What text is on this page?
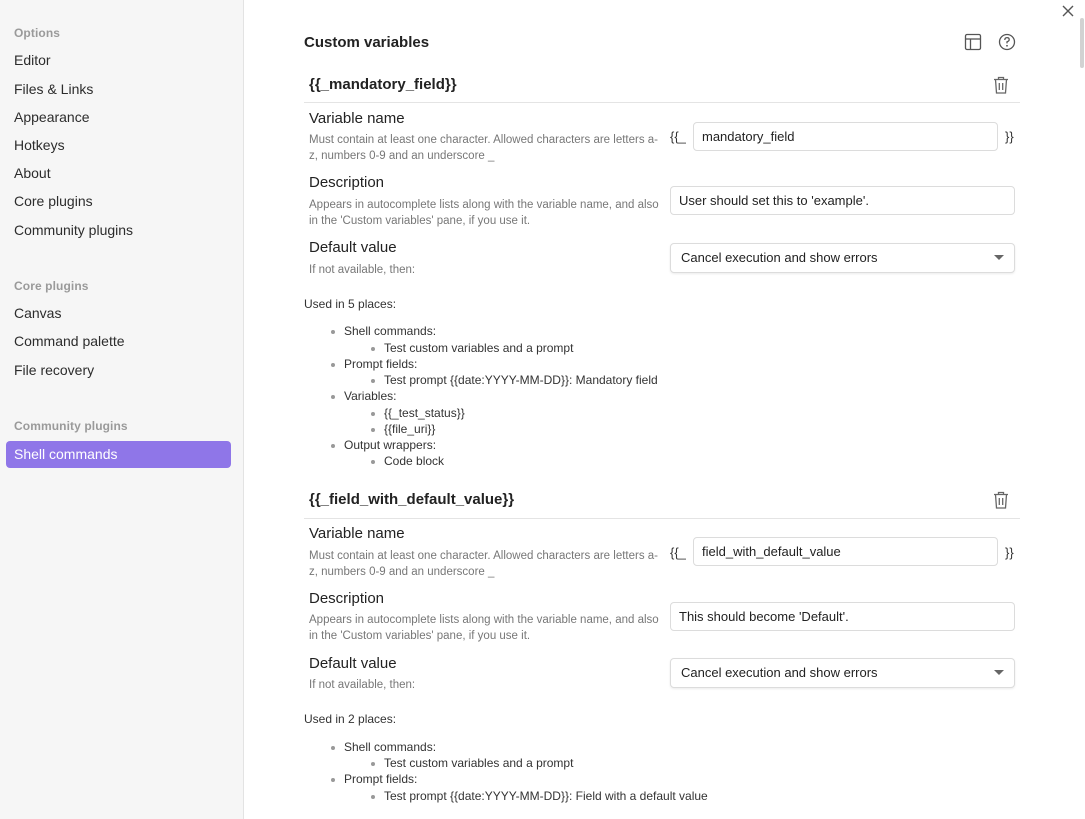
Options
Editor
Files & Links
Appearance
Hotkeys
About
Core plugins
Community plugins
Core plugins
Canvas
Command palette
File recovery
Community plugins
Shell commands
Custom variables
{{_mandatory_field}}
Variable name
Must contain at least one character. Allowed characters are letters a-z, numbers 0-9 and an underscore _
{{_
mandatory_field	}}
Description
Appears in autocomplete lists along with the variable name, and also in the 'Custom variables' pane, if you use it.
User should set this to 'example'.
Default value
If not available, then:
Cancel execution and show errors
Used in 5 places:
Shell commands:
Test custom variables and a prompt
Prompt fields:
Test prompt {{date:YYYY-MM-DD}}: Mandatory field
Variables:
{{_test_status}}
{{file_uri}}
Output wrappers:
Code block
{{_field_with_default_value}}
Variable name
Must contain at least one character. Allowed characters are letters a-z, numbers 0-9 and an underscore _
{{_
field_with_default_value	}}
Description
Appears in autocomplete lists along with the variable name, and also in the 'Custom variables' pane, if you use it.
This should become 'Default'.
Default value
If not available, then:
Cancel execution and show errors
Used in 2 places:
Shell commands:
Test custom variables and a prompt
Prompt fields:
Test prompt {{date:YYYY-MM-DD}}: Field with a default value
